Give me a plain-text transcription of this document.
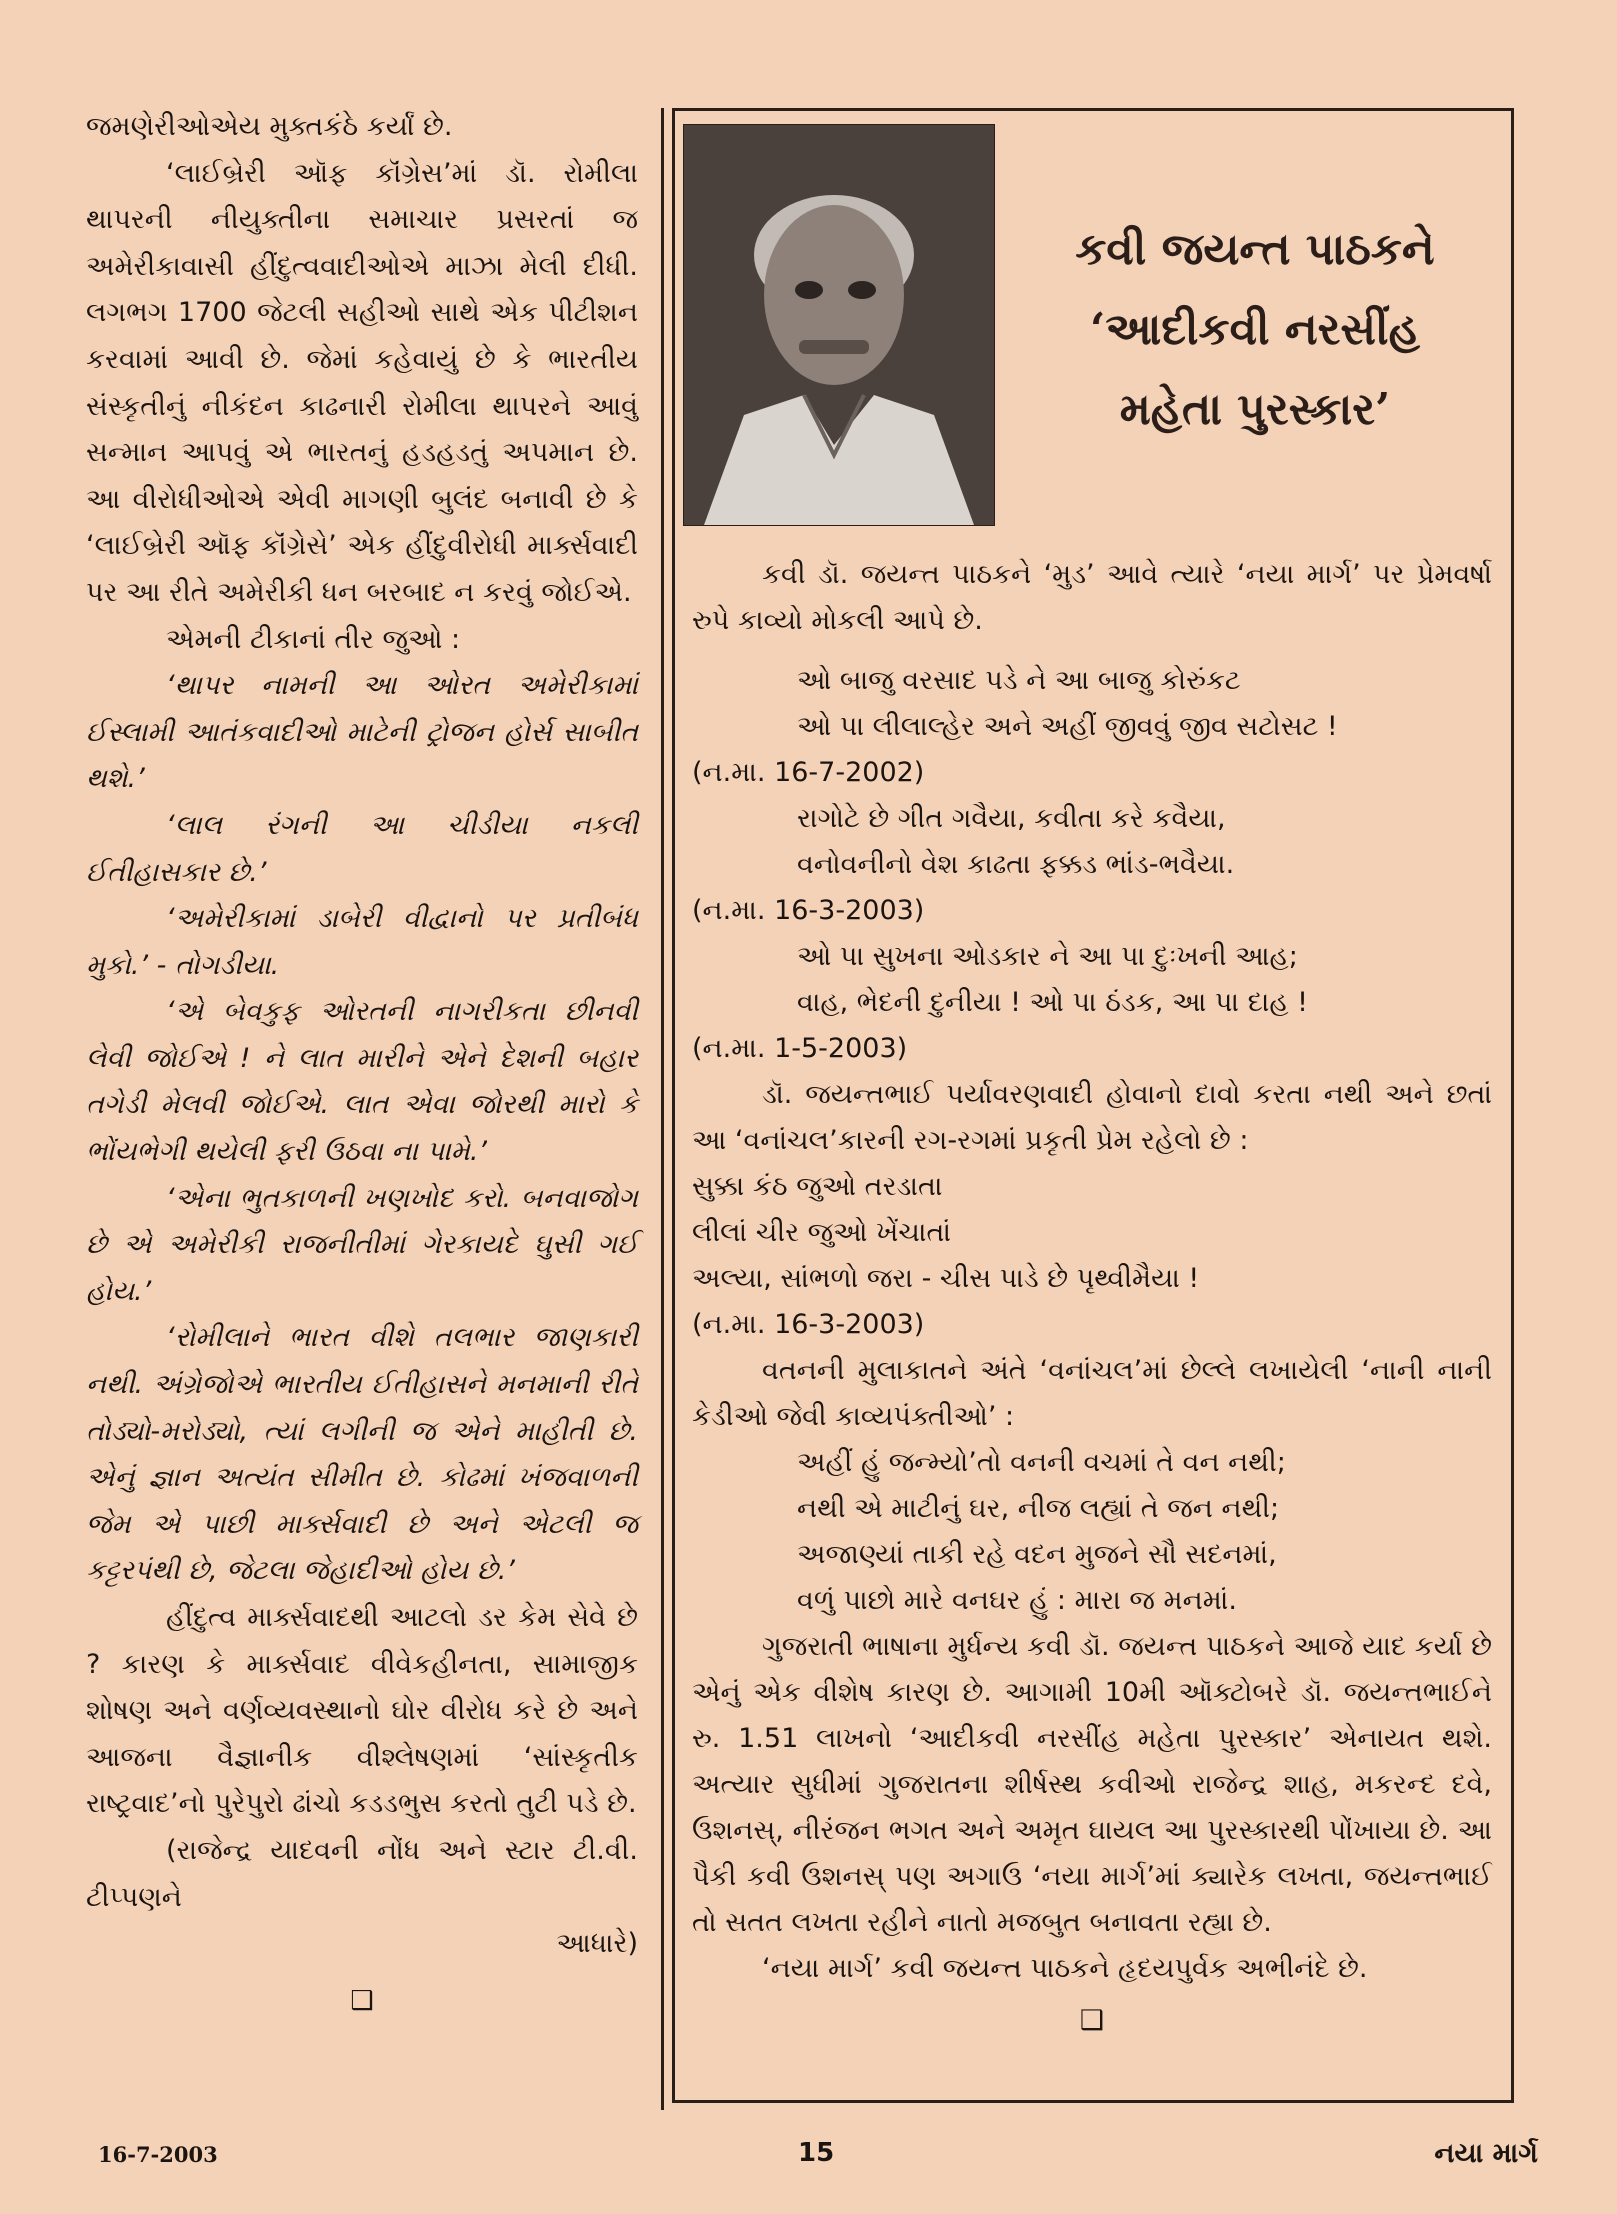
જમણેરીઓએય મુક્તકંઠે કર્યાં છે.

‘લાઈબ્રેરી ઑફ કૉંગ્રેસ’માં ડૉ. રોમીલા થાપરની નીયુક્તીના સમાચાર પ્રસરતાં જ અમેરીકાવાસી હીંદુત્વવાદીઓએ માઝા મેલી દીધી. લગભગ 1700 જેટલી સહીઓ સાથે એક પીટીશન કરવામાં આવી છે. જેમાં કહેવાયું છે કે ભારતીય સંસ્કૃતીનું નીકંદન કાઢનારી રોમીલા થાપરને આવું સન્માન આપવું એ ભારતનું હડહડતું અપમાન છે. આ વીરોધીઓએ એવી માગણી બુલંદ બનાવી છે કે ‘લાઈબ્રેરી ઑફ કૉંગ્રેસે’ એક હીંદુવીરોધી માર્ક્સવાદી પર આ રીતે અમેરીકી ધન બરબાદ ન કરવું જોઈએ.

એમની ટીકાનાં તીર જુઓ :

‘થાપર નામની આ ઓરત અમેરીકામાં ઈસ્લામી આતંકવાદીઓ માટેની ટ્રોજન હોર્સ સાબીત થશે.’

‘લાલ રંગની આ ચીડીયા નકલી ઈતીહાસકાર છે.’

‘અમેરીકામાં ડાબેરી વીદ્વાનો પર પ્રતીબંધ મુકો.’ - તોગડીયા.

‘એ બેવકુફ ઓરતની નાગરીકતા છીનવી લેવી જોઈએ ! ને લાત મારીને એને દેશની બહાર તગેડી મેલવી જોઈએ. લાત એવા જોરથી મારો કે ભોંયભેગી થયેલી ફરી ઉઠવા ના પામે.’

‘એના ભુતકાળની ખણખોદ કરો. બનવાજોગ છે એ અમેરીકી રાજનીતીમાં ગેરકાયદે ઘુસી ગઈ હોય.’

‘રોમીલાને ભારત વીશે તલભાર જાણકારી નથી. અંગ્રેજોએ ભારતીય ઈતીહાસને મનમાની રીતે તોડ્યો-મરોડ્યો, ત્યાં લગીની જ એને માહીતી છે. એનું જ્ઞાન અત્યંત સીમીત છે. કોઢમાં ખંજવાળની જેમ એ પાછી માર્ક્સવાદી છે અને એટલી જ કટ્ટરપંથી છે, જેટલા જેહાદીઓ હોય છે.’

હીંદુત્વ માર્ક્સવાદથી આટલો ડર કેમ સેવે છે ? કારણ કે માર્ક્સવાદ વીવેકહીનતા, સામાજીક શોષણ અને વર્ણવ્યવસ્થાનો ઘોર વીરોધ કરે છે અને આજના વૈજ્ઞાનીક વીશ્લેષણમાં ‘સાંસ્કૃતીક રાષ્ટ્રવાદ’નો પુરેપુરો ઢાંચો કડડભુસ કરતો તુટી પડે છે.

(રાજેન્દ્ર યાદવની નોંધ અને સ્ટાર ટી.વી. ટીપ્પણને

આધારે)

❑
કવી જયન્ત પાઠકને
‘આદીકવી નરસીંહ
મહેતા પુરસ્કાર’

કવી ડૉ. જયન્ત પાઠકને ‘મુડ’ આવે ત્યારે ‘નયા માર્ગ’ પર પ્રેમવર્ષા રુપે કાવ્યો મોકલી આપે છે.

ઓ બાજુ વરસાદ પડે ને આ બાજુ કોરુંકટ

ઓ પા લીલાલ્હેર અને અહીં જીવવું જીવ સટોસટ !

(ન.મા. 16-7-2002)

રાગોટે છે ગીત ગવૈયા, કવીતા કરે કવૈયા,

વનોવનીનો વેશ કાઢતા ફક્કડ ભાંડ-ભવૈયા.

(ન.મા. 16-3-2003)

ઓ પા સુખના ઓડકાર ને આ પા દુઃખની આહ;

વાહ, ભેદની દુનીયા ! ઓ પા ઠંડક, આ પા દાહ !

(ન.મા. 1-5-2003)

ડૉ. જયન્તભાઈ પર્યાવરણવાદી હોવાનો દાવો કરતા નથી અને છતાં આ ‘વનાંચલ’કારની રગ-રગમાં પ્રકૃતી પ્રેમ રહેલો છે :

સુક્કા કંઠ જુઓ તરડાતા

લીલાં ચીર જુઓ ખેંચાતાં

અલ્યા, સાંભળો જરા - ચીસ પાડે છે પૃથ્વીમૈયા !

(ન.મા. 16-3-2003)

વતનની મુલાકાતને અંતે ‘વનાંચલ’માં છેલ્લે લખાયેલી ‘નાની નાની કેડીઓ જેવી કાવ્યપંક્તીઓ’ :

અહીં હું જન્મ્યો’તો વનની વચમાં તે વન નથી;

નથી એ માટીનું ઘર, નીજ લહ્યાં તે જન નથી;

અજાણ્યાં તાકી રહે વદન મુજને સૌ સદનમાં,

વળું પાછો મારે વનઘર હું : મારા જ મનમાં.

ગુજરાતી ભાષાના મુર્ધન્ય કવી ડૉ. જયન્ત પાઠકને આજે યાદ કર્યા છે એનું એક વીશેષ કારણ છે. આગામી 10મી ઑક્ટોબરે ડૉ. જયન્તભાઈને રુ. 1.51 લાખનો ‘આદીકવી નરસીંહ મહેતા પુરસ્કાર’ એનાયત થશે. અત્યાર સુધીમાં ગુજરાતના શીર્ષસ્થ કવીઓ રાજેન્દ્ર શાહ, મકરન્દ દવે, ઉશનસ્, નીરંજન ભગત અને અમૃત ઘાયલ આ પુરસ્કારથી પોંખાયા છે. આ પૈકી કવી ઉશનસ્ પણ અગાઉ ‘નયા માર્ગ’માં ક્યારેક લખતા, જયન્તભાઈ તો સતત લખતા રહીને નાતો મજબુત બનાવતા રહ્યા છે.

‘નયા માર્ગ’ કવી જયન્ત પાઠકને હૃદયપુર્વક અભીનંદે છે.

❑
16-7-2003	15	નયા માર્ગ
